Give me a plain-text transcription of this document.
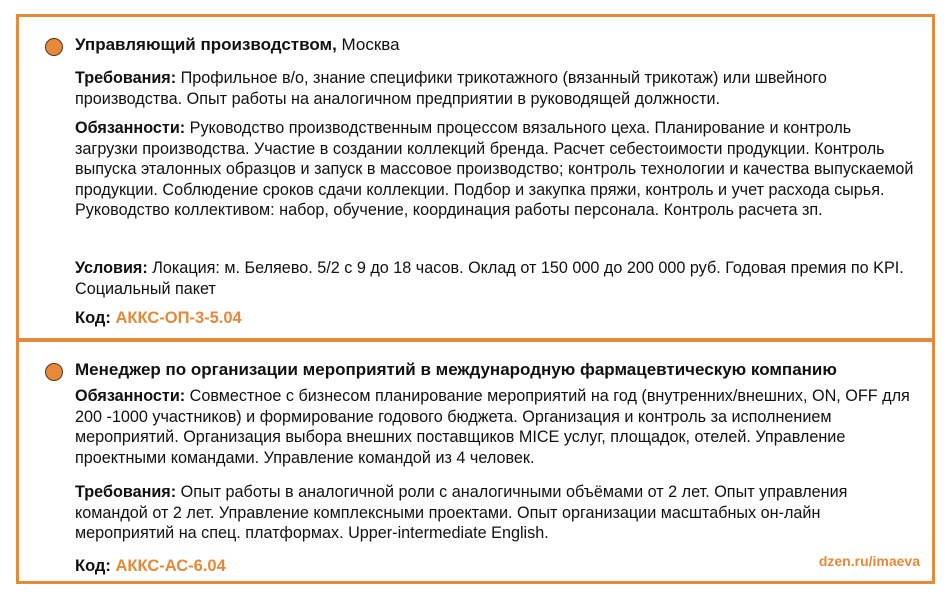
Управляющий производством, Москва

Требования: Профильное в/о, знание специфики трикотажного (вязанный трикотаж) или швейного производства. Опыт работы на аналогичном предприятии в руководящей должности.

Обязанности: Руководство производственным процессом вязального цеха. Планирование и контроль загрузки производства. Участие в создании коллекций бренда. Расчет себестоимости продукции. Контроль выпуска эталонных образцов и запуск в массовое производство; контроль технологии и качества выпускаемой продукции. Соблюдение сроков сдачи коллекции. Подбор и закупка пряжи, контроль и учет расхода сырья. Руководство коллективом: набор, обучение, координация работы персонала. Контроль расчета зп.

Условия: Локация: м. Беляево. 5/2 с 9 до 18 часов. Оклад от 150 000 до 200 000 руб. Годовая премия по KPI. Социальный пакет

Код: АККС-ОП-3-5.04
Менеджер по организации мероприятий в международную фармацевтическую компанию

Обязанности: Совместное с бизнесом планирование мероприятий на год (внутренних/внешних, ON, OFF для 200 -1000 участников) и формирование годового бюджета. Организация и контроль за исполнением мероприятий. Организация выбора внешних поставщиков MICE услуг, площадок, отелей. Управление проектными командами. Управление командой из 4 человек.

Требования: Опыт работы в аналогичной роли с аналогичными объёмами от 2 лет. Опыт управления командой от 2 лет. Управление комплексными проектами. Опыт организации масштабных он-лайн мероприятий на спец. платформах. Upper-intermediate English.

Код: АККС-АС-6.04	dzen.ru/imaeva
